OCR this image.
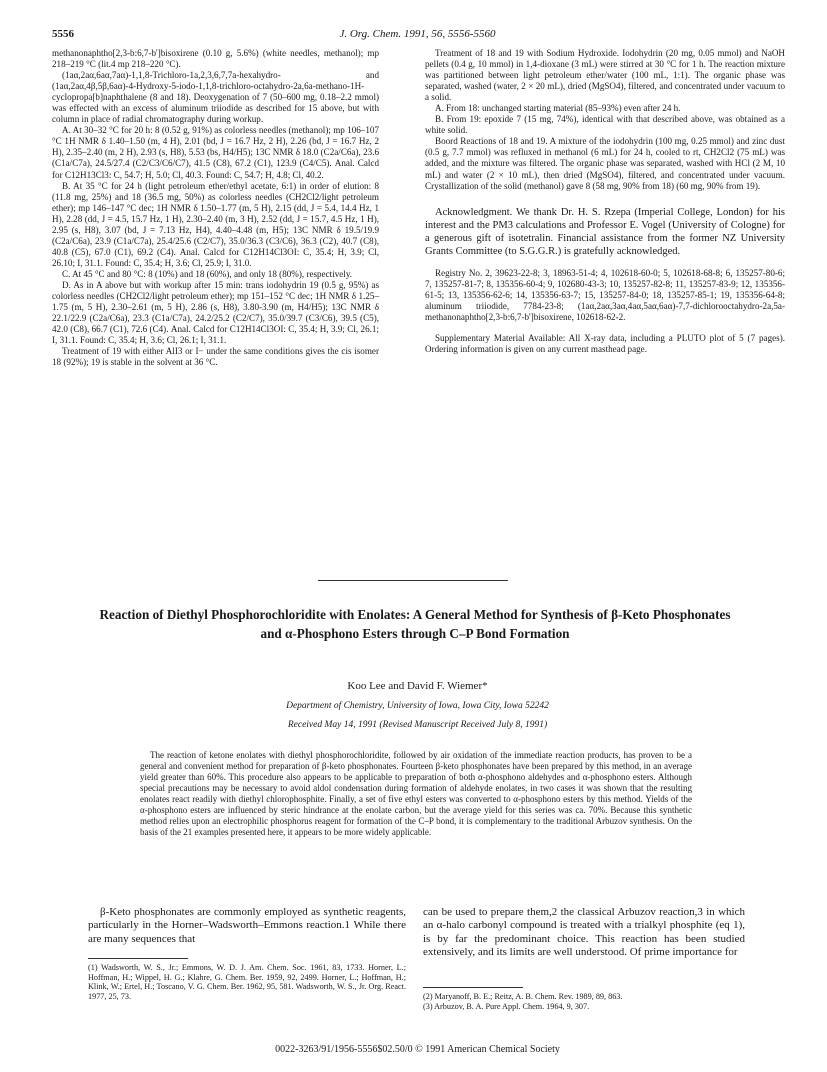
5556	J. Org. Chem. 1991, 56, 5556-5560

methanonaphtho[2,3-b:6,7-b']bisoxirene (0.10 g, 5.6%) (white needles, methanol); mp 218–219 °C (lit.4 mp 218–220 °C).

(1aα,2aα,6aα,7aα)-1,1,8-Trichloro-1a,2,3,6,7,7a-hexahydro- and (1aα,2aα,4β,5β,6aα)-4-Hydroxy-5-iodo-1,1,8-trichloro-octahydro-2a,6a-methano-1H-cyclopropa[b]naphthalene (8 and 18). Deoxygenation of 7 (50–600 mg, 0.18–2.2 mmol) was effected with an excess of aluminum triiodide as described for 15 above, but with column in place of radial chromatography during workup.

A. At 30–32 °C for 20 h: 8 (0.52 g, 91%) as colorless needles (methanol); mp 106–107 °C 1H NMR δ 1.40–1.50 (m, 4 H), 2.01 (bd, J = 16.7 Hz, 2 H), 2.26 (bd, J = 16.7 Hz, 2 H), 2.35–2.40 (m, 2 H), 2.93 (s, H8), 5.53 (bs, H4/H5); 13C NMR δ 18.0 (C2a/C6a), 23.6 (C1a/C7a), 24.5/27.4 (C2/C3/C6/C7), 41.5 (C8), 67.2 (C1), 123.9 (C4/C5). Anal. Calcd for C12H13Cl3: C, 54.7; H, 5.0; Cl, 40.3. Found: C, 54.7; H, 4.8; Cl, 40.2.

B. At 35 °C for 24 h (light petroleum ether/ethyl acetate, 6:1) in order of elution: 8 (11.8 mg, 25%) and 18 (36.5 mg, 50%) as colorless needles (CH2Cl2/light petroleum ether); mp 146–147 °C dec; 1H NMR δ 1.50–1.77 (m, 5 H), 2.15 (dd, J = 5.4, 14.4 Hz, 1 H), 2.28 (dd, J = 4.5, 15.7 Hz, 1 H), 2.30–2.40 (m, 3 H), 2.52 (dd, J = 15.7, 4.5 Hz, 1 H), 2.95 (s, H8), 3.07 (bd, J = 7.13 Hz, H4), 4.40–4.48 (m, H5); 13C NMR δ 19.5/19.9 (C2a/C6a), 23.9 (C1a/C7a), 25.4/25.6 (C2/C7), 35.0/36.3 (C3/C6), 36.3 (C2), 40.7 (C8), 40.8 (C5), 67.0 (C1), 69.2 (C4). Anal. Calcd for C12H14Cl3OI: C, 35.4; H, 3.9; Cl, 26.10; I, 31.1. Found: C, 35.4; H, 3.6; Cl, 25.9; I, 31.0.

C. At 45 °C and 80 °C: 8 (10%) and 18 (60%), and only 18 (80%), respectively.

D. As in A above but with workup after 15 min: trans iodohydrin 19 (0.5 g, 95%) as colorless needles (CH2Cl2/light petroleum ether); mp 151–152 °C dec; 1H NMR δ 1.25–1.75 (m, 5 H), 2.30–2.61 (m, 5 H), 2.86 (s, H8), 3.80-3.90 (m, H4/H5); 13C NMR δ 22.1/22.9 (C2a/C6a), 23.3 (C1a/C7a), 24.2/25.2 (C2/C7), 35.0/39.7 (C3/C6), 39.5 (C5), 42.0 (C8), 66.7 (C1), 72.6 (C4). Anal. Calcd for C12H14Cl3OI: C, 35.4; H, 3.9; Cl, 26.1; I, 31.1. Found: C, 35.4; H, 3.6; Cl, 26.1; I, 31.1.

Treatment of 19 with either AlI3 or I− under the same conditions gives the cis isomer 18 (92%); 19 is stable in the solvent at 36 °C.

Treatment of 18 and 19 with Sodium Hydroxide. Iodohydrin (20 mg, 0.05 mmol) and NaOH pellets (0.4 g, 10 mmol) in 1,4-dioxane (3 mL) were stirred at 30 °C for 1 h. The reaction mixture was partitioned between light petroleum ether/water (100 mL, 1:1). The organic phase was separated, washed (water, 2 × 20 mL), dried (MgSO4), filtered, and concentrated under vacuum to a solid.

A. From 18: unchanged starting material (85–93%) even after 24 h.

B. From 19: epoxide 7 (15 mg, 74%), identical with that described above, was obtained as a white solid.

Boord Reactions of 18 and 19. A mixture of the iodohydrin (100 mg, 0.25 mmol) and zinc dust (0.5 g, 7.7 mmol) was refluxed in methanol (6 mL) for 24 h, cooled to rt, CH2Cl2 (75 mL) was added, and the mixture was filtered. The organic phase was separated, washed with HCl (2 M, 10 mL) and water (2 × 10 mL), then dried (MgSO4), filtered, and concentrated under vacuum. Crystallization of the solid (methanol) gave 8 (58 mg, 90% from 18) (60 mg, 90% from 19).

Acknowledgment. We thank Dr. H. S. Rzepa (Imperial College, London) for his interest and the PM3 calculations and Professor E. Vogel (University of Cologne) for a generous gift of isotetralin. Financial assistance from the former NZ University Grants Committee (to S.G.G.R.) is gratefully acknowledged.

Registry No. 2, 39623-22-8; 3, 18963-51-4; 4, 102618-60-0; 5, 102618-68-8; 6, 135257-80-6; 7, 135257-81-7; 8, 135356-60-4; 9, 102680-43-3; 10, 135257-82-8; 11, 135257-83-9; 12, 135356-61-5; 13, 135356-62-6; 14, 135356-63-7; 15, 135257-84-0; 18, 135257-85-1; 19, 135356-64-8; aluminum triiodide, 7784-23-8; (1aα,2aα,3aα,4aα,5aα,6aα)-7,7-dichlorooctahydro-2a,5a-methanonaphtho[2,3-b:6,7-b']bisoxirene, 102618-62-2.

Supplementary Material Available: All X-ray data, including a PLUTO plot of 5 (7 pages). Ordering information is given on any current masthead page.

Reaction of Diethyl Phosphorochloridite with Enolates: A General Method for Synthesis of β-Keto Phosphonates and α-Phosphono Esters through C–P Bond Formation
Koo Lee and David F. Wiemer*
Department of Chemistry, University of Iowa, Iowa City, Iowa 52242
Received May 14, 1991 (Revised Manuscript Received July 8, 1991)
The reaction of ketone enolates with diethyl phosphorochloridite, followed by air oxidation of the immediate reaction products, has proven to be a general and convenient method for preparation of β-keto phosphonates. Fourteen β-keto phosphonates have been prepared by this method, in an average yield greater than 60%. This procedure also appears to be applicable to preparation of both α-phosphono aldehydes and α-phosphono esters. Although special precautions may be necessary to avoid aldol condensation during formation of aldehyde enolates, in two cases it was shown that the resulting enolates react readily with diethyl chlorophosphite. Finally, a set of five ethyl esters was converted to α-phosphono esters by this method. Yields of the α-phosphono esters are influenced by steric hindrance at the enolate carbon, but the average yield for this series was ca. 70%. Because this synthetic method relies upon an electrophilic phosphorus reagent for formation of the C–P bond, it is complementary to the traditional Arbuzov synthesis. On the basis of the 21 examples presented here, it appears to be more widely applicable.
β-Keto phosphonates are commonly employed as synthetic reagents, particularly in the Horner–Wadsworth–Emmons reaction.1 While there are many sequences that
can be used to prepare them,2 the classical Arbuzov reaction,3 in which an α-halo carbonyl compound is treated with a trialkyl phosphite (eq 1), is by far the predominant choice. This reaction has been studied extensively, and its limits are well understood. Of prime importance for
(1) Wadsworth, W. S., Jr.; Emmons, W. D. J. Am. Chem. Soc. 1961, 83, 1733. Horner, L.; Hoffman, H.; Wippel, H. G.; Klahre, G. Chem. Ber. 1959, 92, 2499. Horner, L.; Hoffman, H.; Klink, W.; Ertel, H.; Toscano, V. G. Chem. Ber. 1962, 95, 581. Wadsworth, W. S., Jr. Org. React. 1977, 25, 73.	(2) Maryanoff, B. E.; Reitz, A. B. Chem. Rev. 1989, 89, 863.
(3) Arbuzov, B. A. Pure Appl. Chem. 1964, 9, 307.
0022-3263/91/1956-5556$02.50/0 © 1991 American Chemical Society
